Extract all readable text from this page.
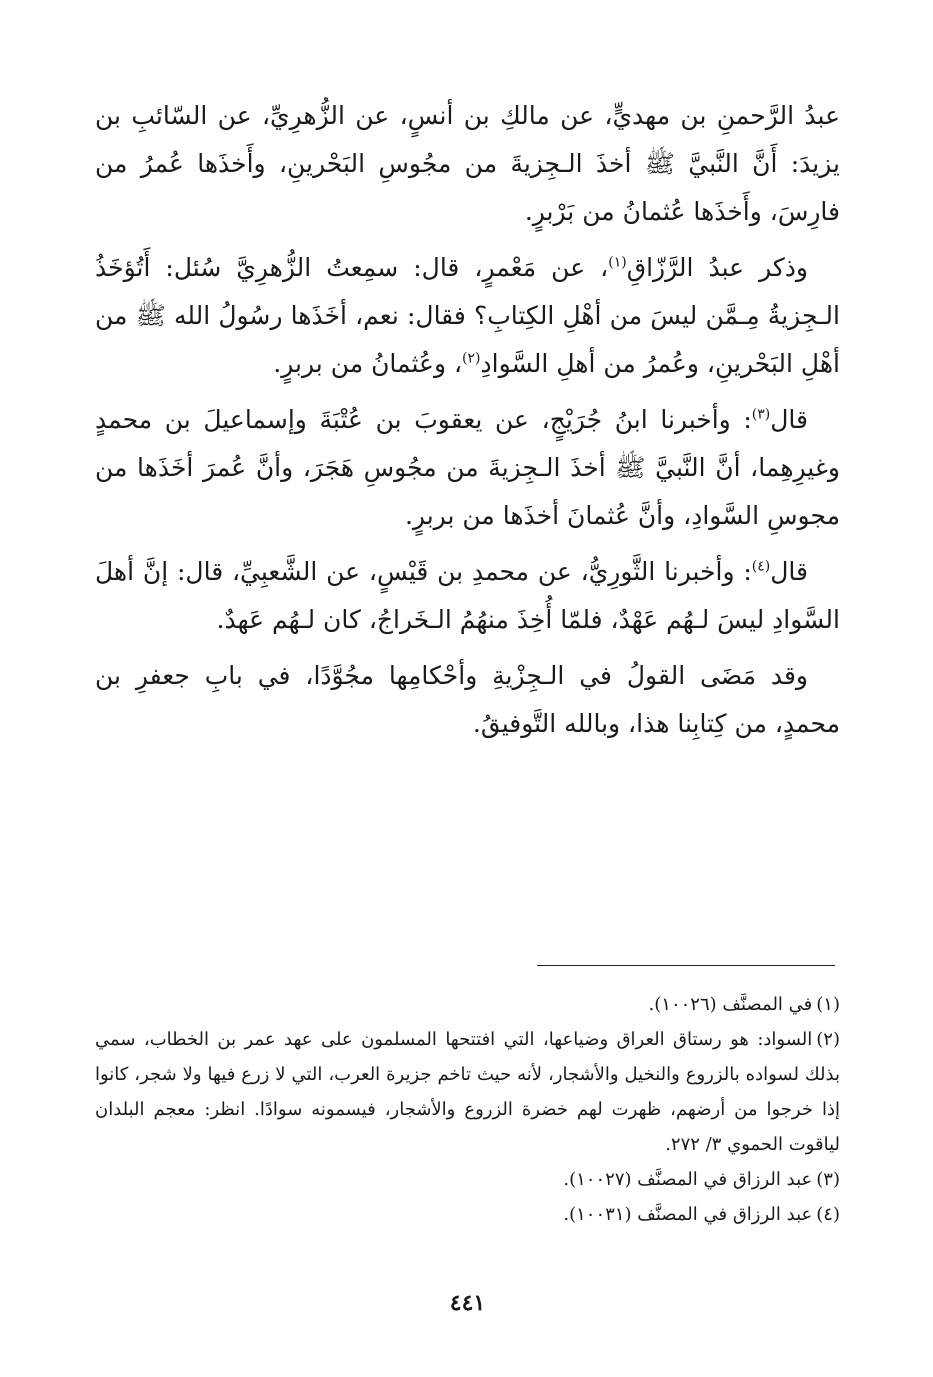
عبدُ الرَّحمنِ بن مهديٍّ، عن مالكِ بن أنسٍ، عن الزُّهرِيِّ، عن السّائبِ بن يزيدَ: أَنَّ النَّبيَّ ﷺ أخذَ الـجِزيةَ من مجُوسِ البَحْرينِ، وأَخذَها عُمرُ من فارِسَ، وأَخذَها عُثمانُ من بَرْبرٍ.

وذكر عبدُ الرَّزّاقِ$^{(١)}$، عن مَعْمرٍ، قال: سمِعتُ الزُّهرِيَّ سُئل: أَتُؤخَذُ الـجِزيةُ مِـمَّن ليسَ من أهْلِ الكِتابِ؟ فقال: نعم، أخَذَها رسُولُ الله ﷺ من أهْلِ البَحْرينِ، وعُمرُ من أهلِ السَّوادِ$^{(٢)}$، وعُثمانُ من بربرٍ.

قال$^{(٣)}$: وأخبرنا ابنُ جُرَيْجٍ، عن يعقوبَ بن عُتْبَةَ وإسماعيلَ بن محمدٍ وغيرِهِما، أنَّ النَّبيَّ ﷺ أخذَ الـجِزيةَ من مجُوسِ هَجَرَ، وأنَّ عُمرَ أخَذَها من مجوسِ السَّوادِ، وأنَّ عُثمانَ أخذَها من بربرٍ.

قال$^{(٤)}$: وأخبرنا الثَّورِيُّ، عن محمدِ بن قَيْسٍ، عن الشَّعبِيِّ، قال: إنَّ أهلَ السَّوادِ ليسَ لـهُم عَهْدٌ، فلمّا أُخِذَ منهُمُ الـخَراجُ، كان لـهُم عَهدٌ.

وقد مَضَى القولُ في الـجِزْيةِ وأحْكامِها مجُوَّدًا، في بابِ جعفرِ بن محمدٍ، من كِتابِنا هذا، وبالله التَّوفيقُ.

(١)في المصنَّف (١٠٠٢٦).

(٢)السواد: هو رستاق العراق وضياعها، التي افتتحها المسلمون على عهد عمر بن الخطاب، سمي بذلك لسواده بالزروع والنخيل والأشجار، لأنه حيث تاخم جزيرة العرب، التي لا زرع فيها ولا شجر، كانوا إذا خرجوا من أرضهم، ظهرت لهم خضرة الزروع والأشجار، فيسمونه سوادًا. انظر: معجم البلدان لياقوت الحموي ٣/ ٢٧٢.

(٣)عبد الرزاق في المصنَّف (١٠٠٢٧).

(٤)عبد الرزاق في المصنَّف (١٠٠٣١).

٤٤١
